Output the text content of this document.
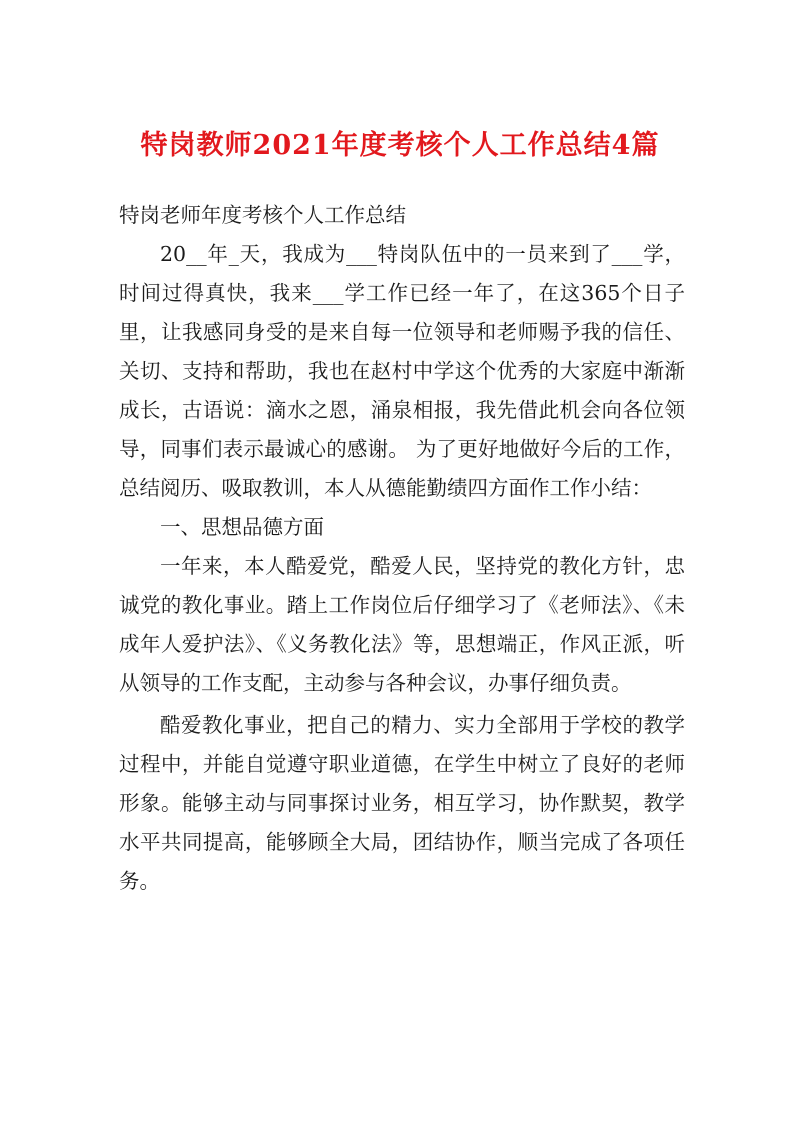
特岗教师2021年度考核个人工作总结4篇

特岗老师年度考核个人工作总结

20__年_天，我成为___特岗队伍中的一员来到了___学，时间过得真快，我来___学工作已经一年了，在这365个日子里，让我感同身受的是来自每一位领导和老师赐予我的信任、关切、支持和帮助，我也在赵村中学这个优秀的大家庭中渐渐成长，古语说：滴水之恩，涌泉相报，我先借此机会向各位领导，同事们表示最诚心的感谢。 为了更好地做好今后的工作，总结阅历、吸取教训，本人从德能勤绩四方面作工作小结：

一、思想品德方面

一年来，本人酷爱党，酷爱人民，坚持党的教化方针，忠诚党的教化事业。踏上工作岗位后仔细学习了《老师法》、《未成年人爱护法》、《义务教化法》等，思想端正，作风正派，听从领导的工作支配，主动参与各种会议，办事仔细负责。

酷爱教化事业，把自己的精力、实力全部用于学校的教学过程中，并能自觉遵守职业道德，在学生中树立了良好的老师形象。能够主动与同事探讨业务，相互学习，协作默契，教学水平共同提高，能够顾全大局，团结协作，顺当完成了各项任务。
